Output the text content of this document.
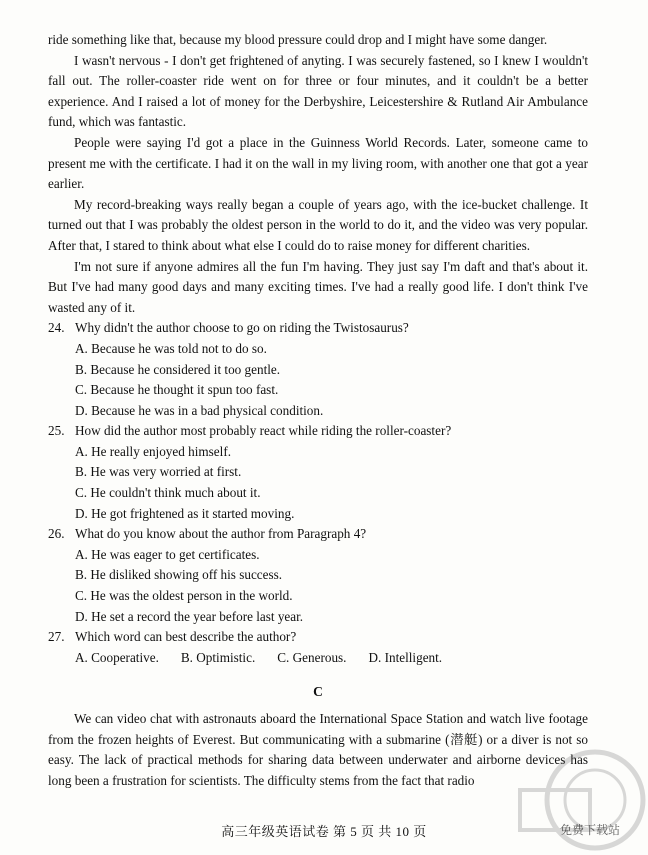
ride something like that, because my blood pressure could drop and I might have some danger.

I wasn't nervous - I don't get frightened of anyting. I was securely fastened, so I knew I wouldn't fall out. The roller-coaster ride went on for three or four minutes, and it couldn't be a better experience. And I raised a lot of money for the Derbyshire, Leicestershire & Rutland Air Ambulance fund, which was fantastic.

People were saying I'd got a place in the Guinness World Records. Later, someone came to present me with the certificate. I had it on the wall in my living room, with another one that got a year earlier.

My record-breaking ways really began a couple of years ago, with the ice-bucket challenge. It turned out that I was probably the oldest person in the world to do it, and the video was very popular. After that, I stared to think about what else I could do to raise money for different charities.

I'm not sure if anyone admires all the fun I'm having. They just say I'm daft and that's about it. But I've had many good days and many exciting times. I've had a really good life. I don't think I've wasted any of it.

24. Why didn't the author choose to go on riding the Twistosaurus?

A. Because he was told not to do so.

B. Because he considered it too gentle.

C. Because he thought it spun too fast.

D. Because he was in a bad physical condition.

25. How did the author most probably react while riding the roller-coaster?

A. He really enjoyed himself.

B. He was very worried at first.

C. He couldn't think much about it.

D. He got frightened as it started moving.

26. What do you know about the author from Paragraph 4?

A. He was eager to get certificates.

B. He disliked showing off his success.

C. He was the oldest person in the world.

D. He set a record the year before last year.

27. Which word can best describe the author?

A. Cooperative. B. Optimistic. C. Generous. D. Intelligent.

C

We can video chat with astronauts aboard the International Space Station and watch live footage from the frozen heights of Everest. But communicating with a submarine (潜艇) or a diver is not so easy. The lack of practical methods for sharing data between underwater and airborne devices has long been a frustration for scientists. The difficulty stems from the fact that radio

高三年级英语试卷 第 5 页 共 10 页	免费下载站
